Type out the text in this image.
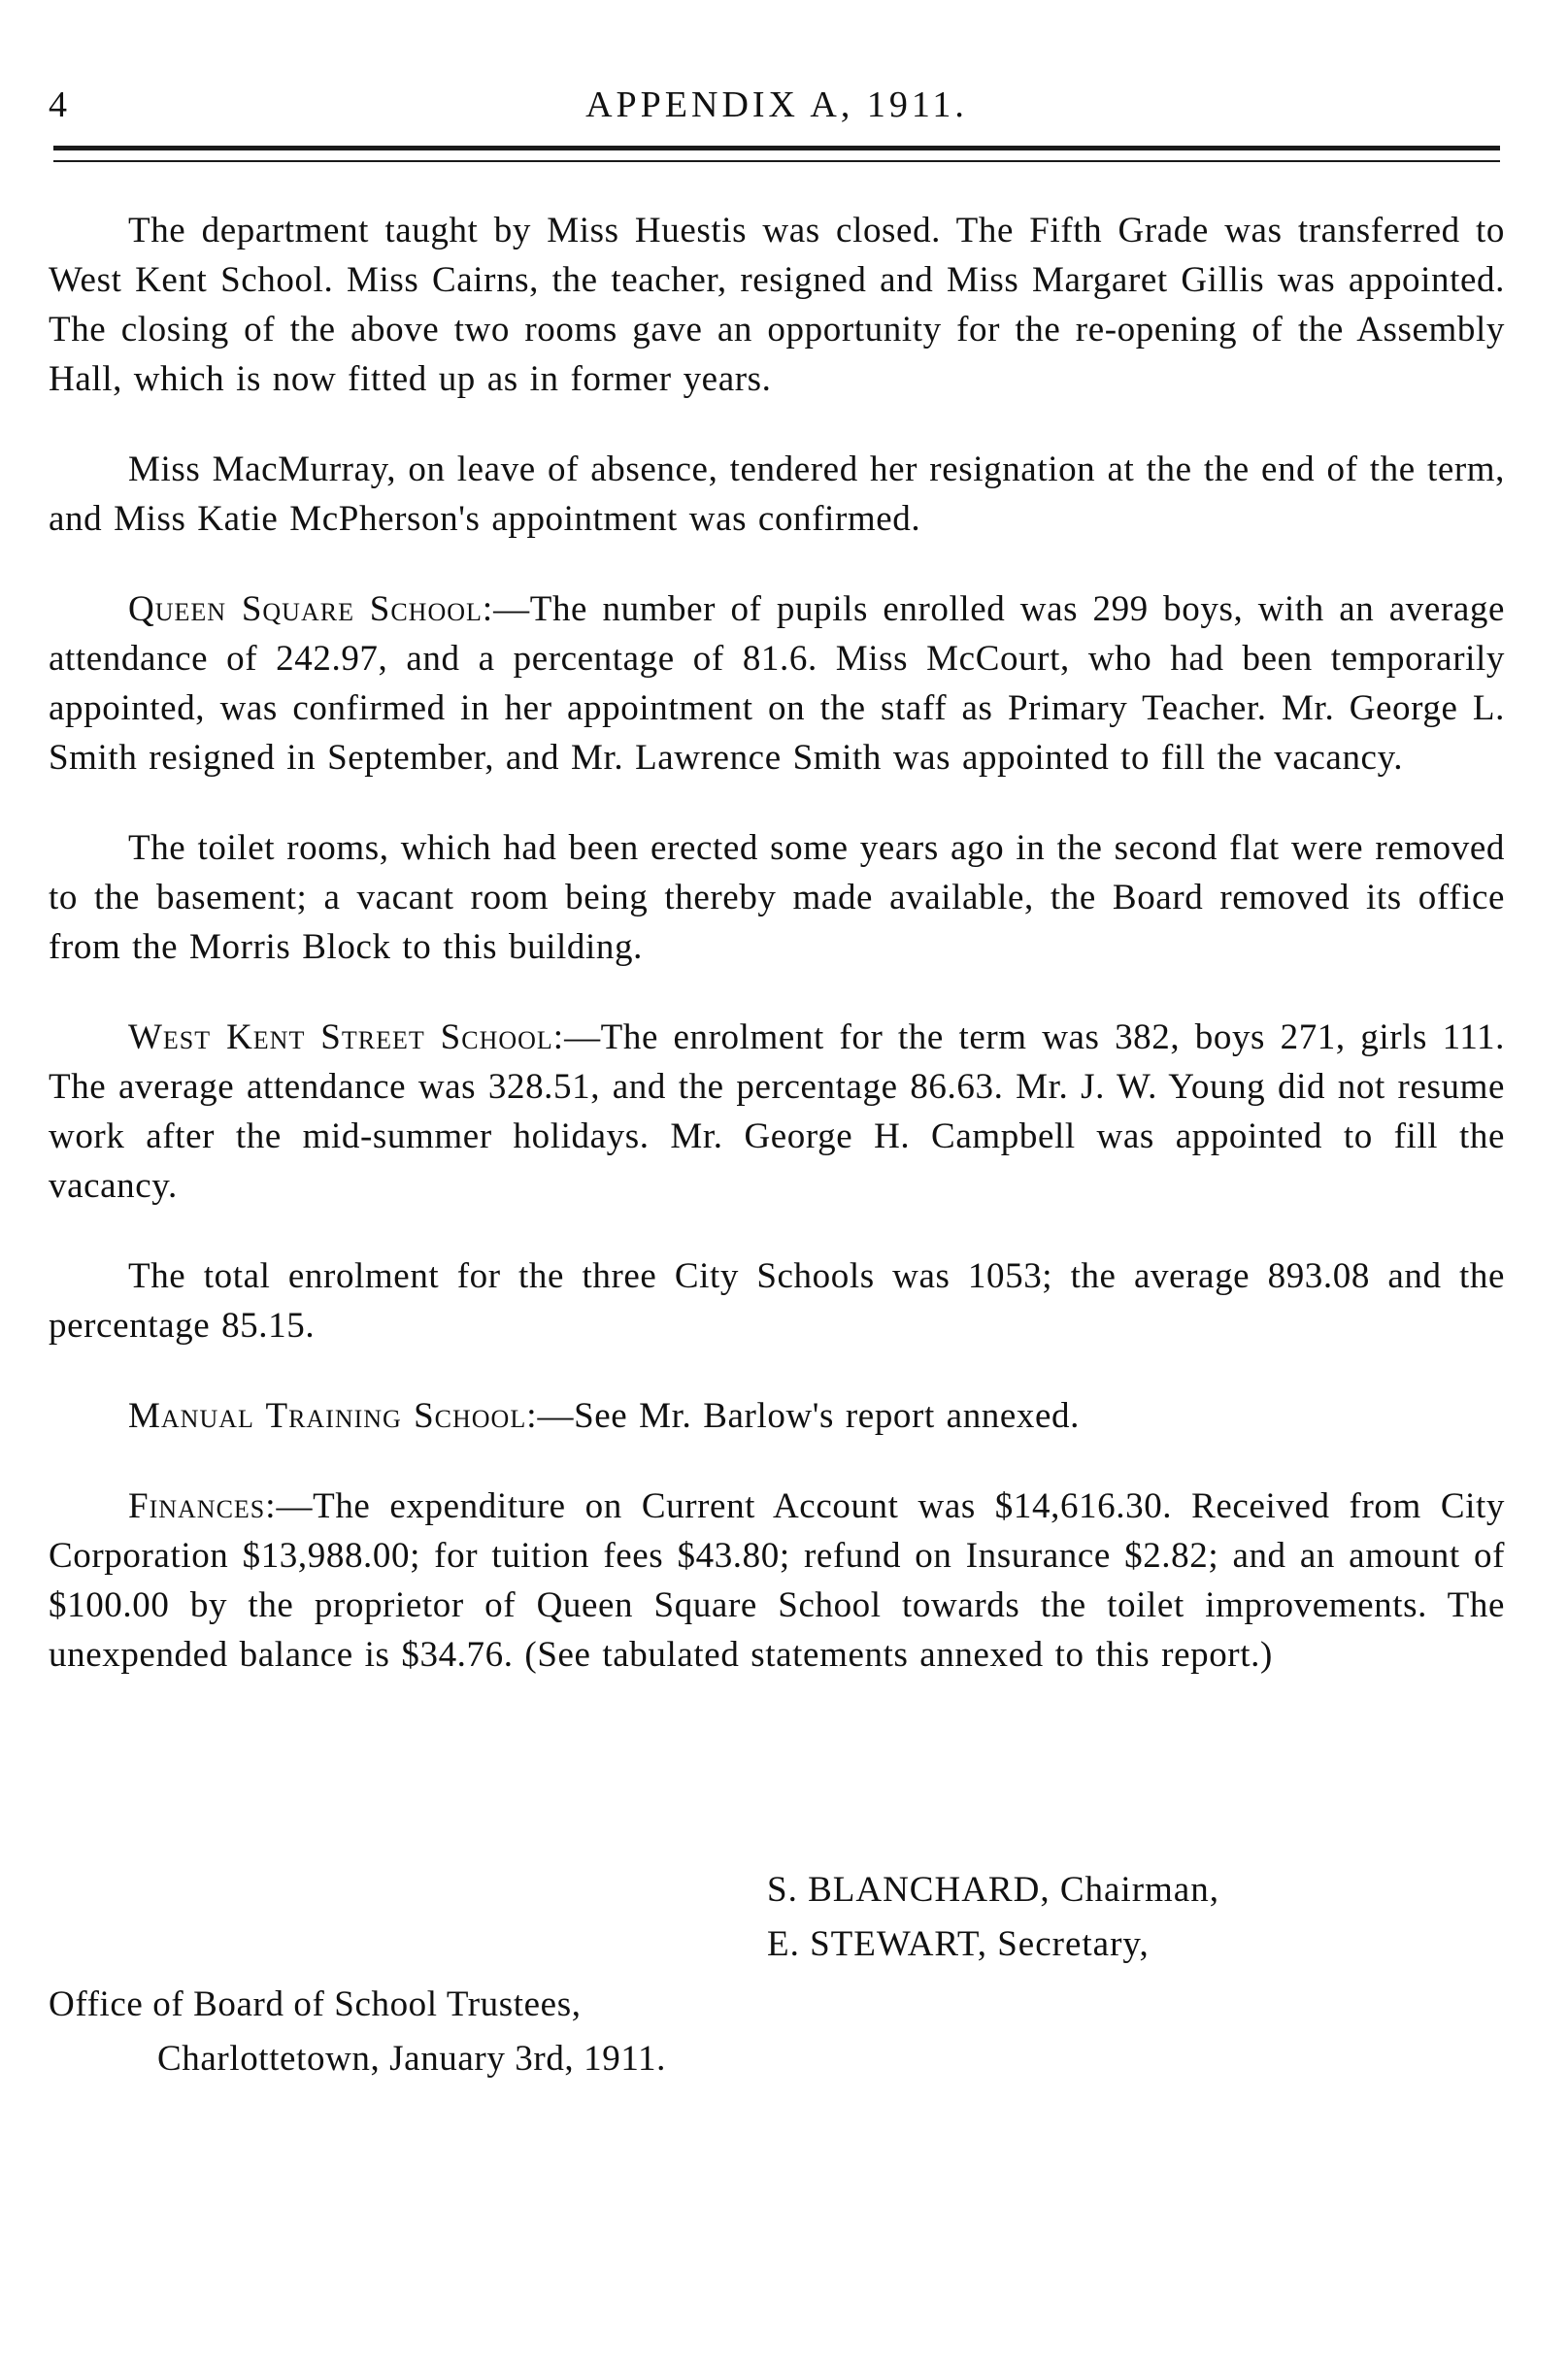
4	APPENDIX A, 1911.

The department taught by Miss Huestis was closed. The Fifth Grade was transferred to West Kent School. Miss Cairns, the teacher, resigned and Miss Margaret Gillis was appointed. The closing of the above two rooms gave an opportunity for the re-opening of the Assembly Hall, which is now fitted up as in former years.

Miss MacMurray, on leave of absence, tendered her resignation at the the end of the term, and Miss Katie McPherson's appointment was confirmed.

Queen Square School:—The number of pupils enrolled was 299 boys, with an average attendance of 242.97, and a percentage of 81.6. Miss McCourt, who had been temporarily appointed, was confirmed in her appointment on the staff as Primary Teacher. Mr. George L. Smith resigned in September, and Mr. Lawrence Smith was appointed to fill the vacancy.

The toilet rooms, which had been erected some years ago in the second flat were removed to the basement; a vacant room being thereby made available, the Board removed its office from the Morris Block to this building.

West Kent Street School:—The enrolment for the term was 382, boys 271, girls 111. The average attendance was 328.51, and the percentage 86.63. Mr. J. W. Young did not resume work after the mid-summer holidays. Mr. George H. Campbell was appointed to fill the vacancy.

The total enrolment for the three City Schools was 1053; the average 893.08 and the percentage 85.15.

Manual Training School:—See Mr. Barlow's report annexed.

Finances:—The expenditure on Current Account was $14,616.30. Received from City Corporation $13,988.00; for tuition fees $43.80; refund on Insurance $2.82; and an amount of $100.00 by the proprietor of Queen Square School towards the toilet improvements. The unexpended balance is $34.76. (See tabulated statements annexed to this report.)

S. BLANCHARD, Chairman,
E. STEWART, Secretary,
Office of Board of School Trustees,
Charlottetown, January 3rd, 1911.
